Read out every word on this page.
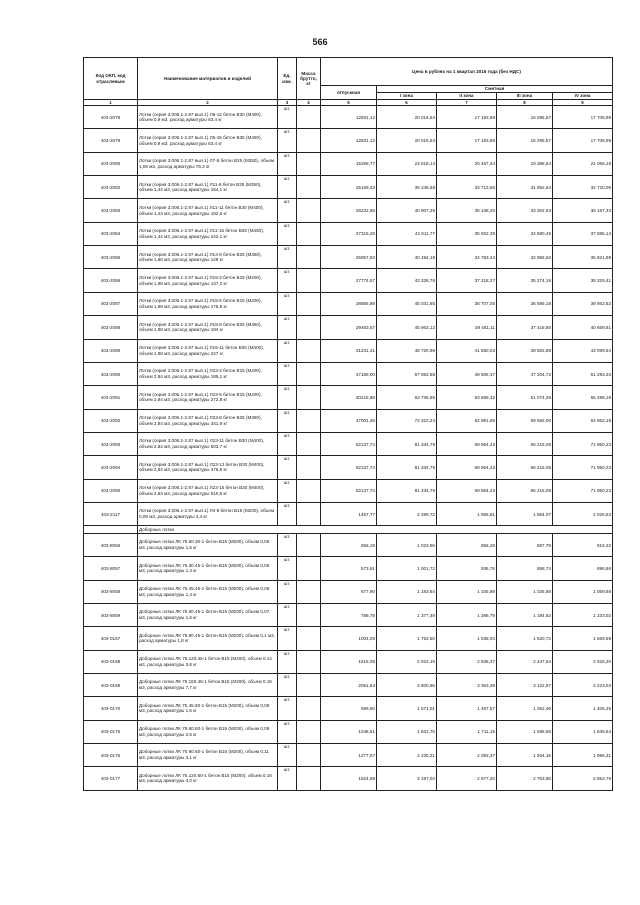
566
Код ОКП, код отраслевым	Наименование материалов и изделий	Ед. изм.	Масса брутто, кг	Цена в рублях на 1 квартал 2016 года (без НДС)				
				отпускная	Сметная			
					I зона	II зона	III зона	IV зона
1	2	3	4	5	6	7	8	9
403-2078	Лотки (серия 3.006.1-2.87 вып.1) Л6-12 бетон В30 (М400), объем 0,9 м3, расход арматуры 83,4 кг	шт.		12831,13	20 016,54	17 193,68	16 295,57	17 706,99
403-2079	Лотки (серия 3.006.1-2.87 вып.1) Л6-15 бетон В35 (М450), объем 0,9 м3, расход арматуры 83,4 кг	шт.		12831,13	20 016,54	17 193,68	16 295,57	17 706,99
403-2080	Лотки (серия 3.006.1-2.87 вып.1) Л7-8 бетон В25 (М350), объем 1,06 м3, расход арматуры 76,3 кг	шт.		15268,77	23 818,14	20 457,44	19 388,64	21 068,19
403-2082	Лотки (серия 3.006.1-2.87 вып.1) Л11-8 бетон В25 (М350), объем 1,44 м3, расход арматуры 164,1 кг	шт.		25159,43	39 248,68	33 713,56	31 952,54	34 720,09
403-2083	Лотки (серия 3.006.1-2.87 вып.1) Л11-11 бетон В30 (М400), объем 1,44 м3, расход арматуры 192,5 кг	шт.		26222,65	40 907,29	35 138,20	33 302,63	36 187,33
403-2084	Лотки (серия 3.006.1-2.87 вып.1) Л11-15 бетон В35 (М450), объем 1,44 м3, расход арматуры 242,1 кг	шт.		27315,26	42 611,77	36 602,39	34 690,45	37 695,14
403-2085	Лотки (серия 3.006.1-2.87 вып.1) Л14-8 бетон В25 (М350), объем 1,86 м3, расход арматуры 149 кг	шт.		25957,83	40 494,18	34 783,44	32 966,52	35 821,89
403-2086	Лотки (серия 3.006.1-2.87 вып.1) Л15-3 бетон В15 (М200), объем 1,98 м3, расход арматуры 137,2 кг	шт.		27774,57	43 328,76	37 218,27	35 274,16	38 329,41
403-2087	Лотки (серия 3.006.1-2.87 вып.1) Л15-5 бетон В15 (М200), объем 1,98 м3, расход арматуры 176,8 кг	шт.		28865,89	45 031,85	38 707,05	36 685,18	39 862,82
403-2088	Лотки (серия 3.006.1-2.87 вып.1) Л15-8 бетон В25 (М350), объем 1,98 м3, расход арматуры 194 кг	шт.		29463,57	45 963,12	39 481,11	37 418,80	40 659,81
403-2089	Лотки (серия 3.006.1-2.87 вып.1) Л15-11 бетон В30 (М400), объем 1,98 м3, расход арматуры 247 кг	шт.		31231,41	48 720,96	41 850,03	39 663,88	43 099,64
403-2090	Лотки (серия 3.006.1-2.87 вып.1) Л23-3 бетон В15 (М200), объем 2,84 м3, расход арматуры 185,1 кг	шт.		37169,00	57 983,58	49 806,37	47 204,72	51 293,33
403-2091	Лотки (серия 3.006.1-2.87 вып.1) Л23-5 бетон В15 (М200), объем 2,84 м3, расход арматуры 272,8 кг	шт.		40215,86	62 736,86	53 889,32	51 074,39	55 498,18
403-2092	Лотки (серия 3.006.1-2.87 вып.1) Л23-8 бетон В25 (М350), объем 2,84 м3, расход арматуры 341,9 кг	шт.		47001,48	73 322,24	62 981,89	59 692,00	64 862,18
403-2093	Лотки (серия 3.006.1-2.87 вып.1) Л23-11 бетон В30 (М400), объем 2,84 м3, расход арматуры 503,7 кг	шт.		52137,74	81 334,79	69 864,43	66 215,06	71 950,23
403-2094	Лотки (серия 3.006.1-2.87 вып.1) Л23-12 бетон В30 (М400), объем 2,84 м3, расход арматуры 476,5 кг	шт.		52137,74	81 334,79	69 864,43	66 215,06	71 950,23
403-2095	Лотки (серия 3.006.1-2.87 вып.1) Л23-15 бетон В30 (М400), объем 2,84 м3, расход арматуры 510,5 кг	шт.		52137,74	81 334,79	69 864,43	66 215,06	71 950,23
403-2117	Лотки (серия 3.006.1-2.87 вып.1) Л4-8 бетон В15 (М200), объем 0,09 м3, расход арматуры 4,4 кг	шт.		1467,77	2 289,72	1 966,81	1 864,07	2 025,53
	Доборные лотки							
403-8056	Доборные лотки ЛК 75.60.30-1 бетон В15 (М200), объем 0,05 м3, расход арматуры 1,5 кг	шт.		656,19	1 023,66	856,29	887,79	916,32
403-8057	Доборные лотки ЛК 75.30.45-1 бетон В15 (М200), объем 0,05 м3, расход арматуры 1,3 кг	шт.		573,61	1 001,72	936,76	868,74	896,66
403-8058	Доборные лотки ЛК 75.45.45-1 бетон В15 (М200), объем 0,06 м3, расход арматуры 1,4 кг	шт.		677,90	1 183,84	1 105,89	1 026,68	1 059,68
403-8059	Доборные лотки ЛК 75.60.45-1 бетон В15 (М200), объем 0,07 м3, расход арматуры 1,6 кг	шт.		788,78	1 377,49	1 286,79	1 194,62	1 233,02
403-0167	Доборные лотки ЛК 75.90.45-1 бетон В15 (М200), объем 0,1 м3, расход арматуры 1,8 кг	шт.		1004,09	1 753,50	1 638,04	1 520,72	1 569,59
403-0168	Доборные лотки ЛК 75.120.45-1 бетон В15 (М200), объем 0,14 м3, расход арматуры 3,8 кг	шт.		1616,06	2 822,19	2 636,37	2 447,54	2 526,20
403-0169	Доборные лотки ЛК 75.150.45-1 бетон В15 (М200), объем 0,16 м3, расход арматуры 7,7 кг	шт.		2061,63	3 600,66	3 363,39	3 122,57	3 223,03
403-0170	Доборные лотки ЛК 75.45.60-1 бетон В15 (М200), объем 0,08 м3, расход арматуры 1,6 кг	шт.		899,60	1 571,01	1 467,57	1 362,46	1 406,25
403-0175	Доборные лотки ЛК 75.60.60-1 бетон В15 (М200), объем 0,09 м3, расход арматуры 2,6 кг	шт.		1048,81	1 831,76	1 711,15	1 588,59	1 639,64
403-0176	Доборные лотки ЛК 75.90.60-1 бетон В15 (М200), объем 0,11 м3, расход арматуры 3,1 кг	шт.		1277,07	2 230,21	2 083,37	1 934,15	1 996,31
403-0177	Доборные лотки ЛК 75.120.60-1 бетон В15 (М200), объем 0,16 м3, расход арматуры 4,0 кг	шт.		1824,98	3 187,04	2 977,20	2 763,96	2 852,79
